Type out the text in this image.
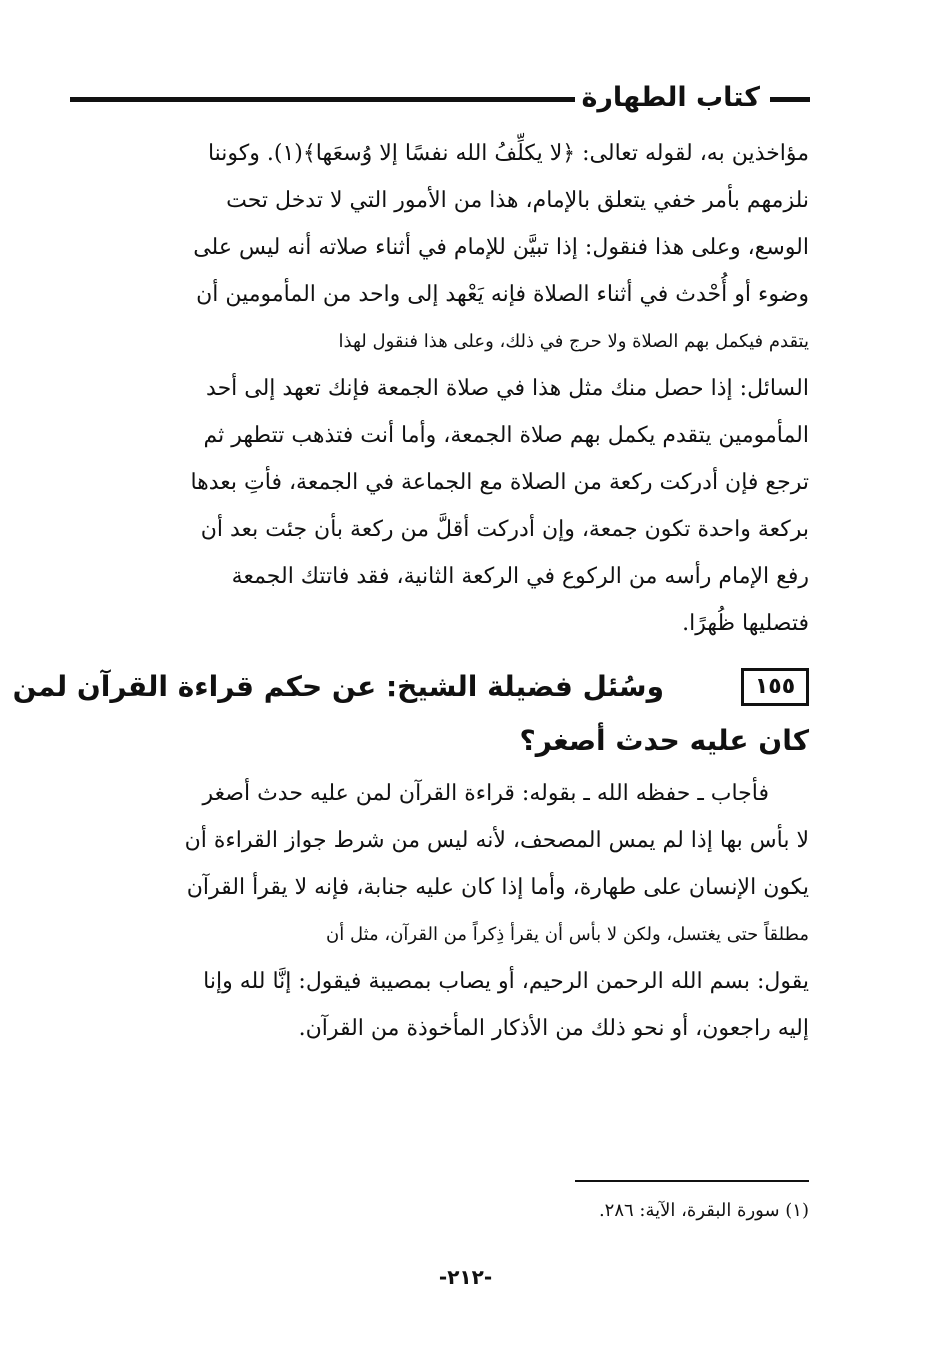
كتاب الطهارة
مؤاخذين به، لقوله تعالى: ﴿لا يكلِّفُ الله نفسًا إلا وُسعَها﴾(١). وكوننا
نلزمهم بأمر خفي يتعلق بالإمام، هذا من الأمور التي لا تدخل تحت
الوسع، وعلى هذا فنقول: إذا تبيَّن للإمام في أثناء صلاته أنه ليس على
وضوء أو أُحْدث في أثناء الصلاة فإنه يَعْهد إلى واحد من المأمومين أن
يتقدم فيكمل بهم الصلاة ولا حرج في ذلك، وعلى هذا فنقول لهذا
السائل: إذا حصل منك مثل هذا في صلاة الجمعة فإنك تعهد إلى أحد
المأمومين يتقدم يكمل بهم صلاة الجمعة، وأما أنت فتذهب تتطهر ثم
ترجع فإن أدركت ركعة من الصلاة مع الجماعة في الجمعة، فأتِ بعدها
بركعة واحدة تكون جمعة، وإن أدركت أقلَّ من ركعة بأن جئت بعد أن
رفع الإمام رأسه من الركوع في الركعة الثانية، فقد فاتتك الجمعة
فتصليها ظُهرًا.
١٥٥
وسُئل فضيلة الشيخ: عن حكم قراءة القرآن لمن
كان عليه حدث أصغر؟
فأجاب ـ حفظه الله ـ بقوله: قراءة القرآن لمن عليه حدث أصغر
لا بأس بها إذا لم يمس المصحف، لأنه ليس من شرط جواز القراءة أن
يكون الإنسان على طهارة، وأما إذا كان عليه جنابة، فإنه لا يقرأ القرآن
مطلقاً حتى يغتسل، ولكن لا بأس أن يقرأ ذِكراً من القرآن، مثل أن
يقول: بسم الله الرحمن الرحيم، أو يصاب بمصيبة فيقول: إنَّا لله وإنا
إليه راجعون، أو نحو ذلك من الأذكار المأخوذة من القرآن.
(١) سورة البقرة، الآية: ٢٨٦.
-٢١٢-
